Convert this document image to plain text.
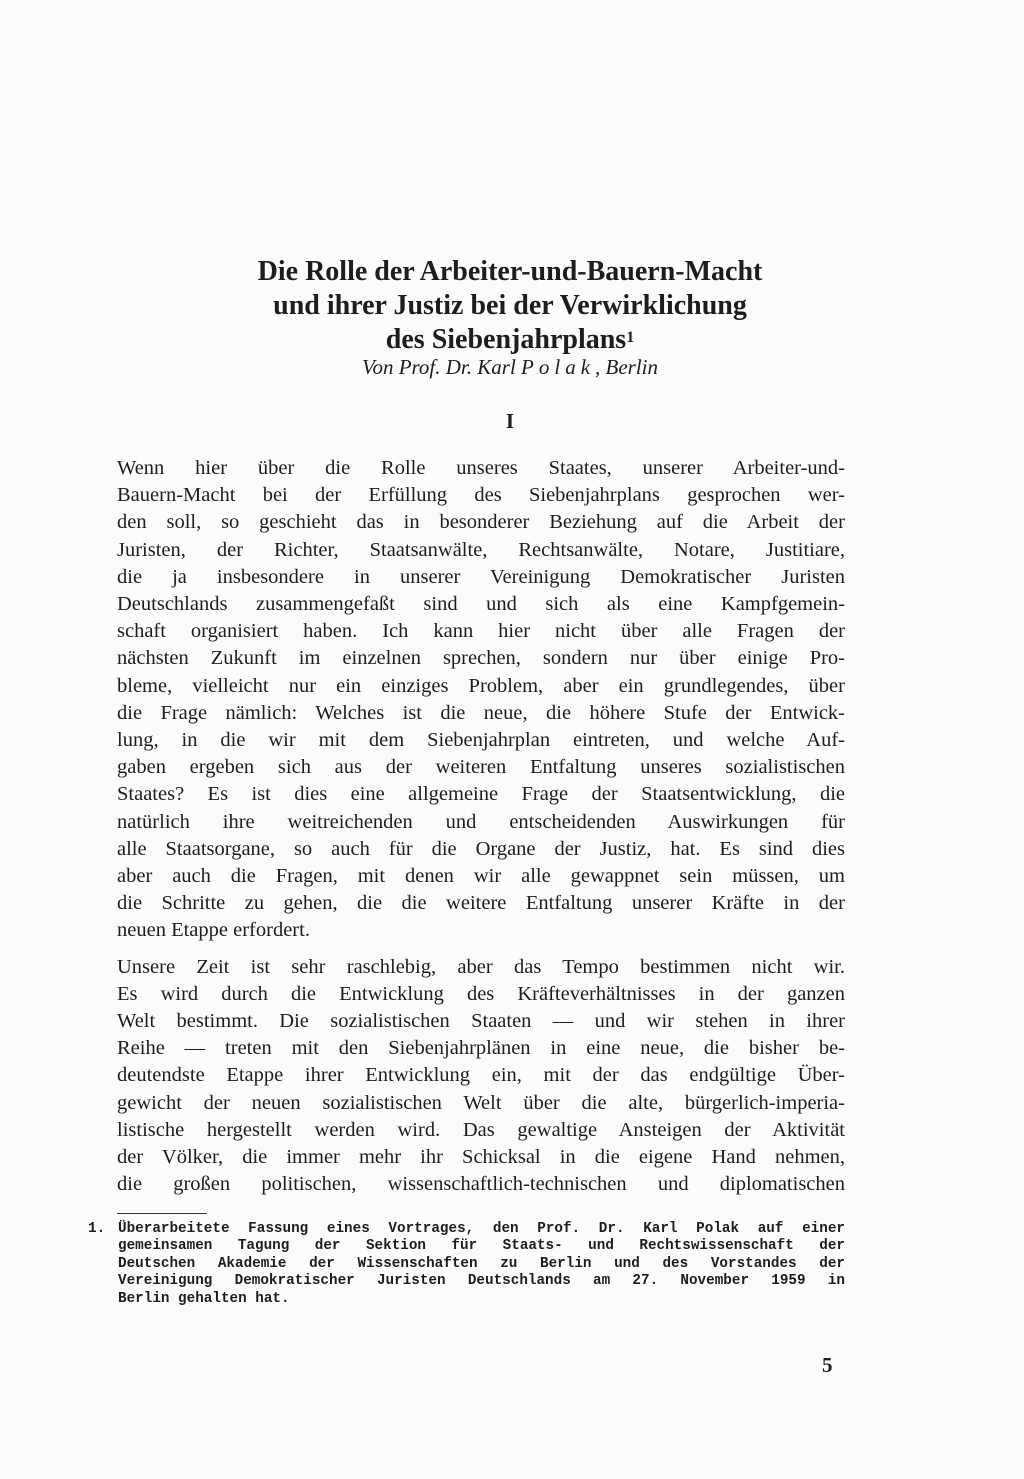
Die Rolle der Arbeiter-und-Bauern-Macht
und ihrer Justiz bei der Verwirklichung
des Siebenjahrplans$^1$

Von Prof. Dr. Karl Polak, Berlin

I

Wenn hier über die Rolle unseres Staates, unserer Arbeiter-und-
Bauern-Macht bei der Erfüllung des Siebenjahrplans gesprochen wer-
den soll, so geschieht das in besonderer Beziehung auf die Arbeit der
Juristen, der Richter, Staatsanwälte, Rechtsanwälte, Notare, Justitiare,
die ja insbesondere in unserer Vereinigung Demokratischer Juristen
Deutschlands zusammengefaßt sind und sich als eine Kampfgemein-
schaft organisiert haben. Ich kann hier nicht über alle Fragen der
nächsten Zukunft im einzelnen sprechen, sondern nur über einige Pro-
bleme, vielleicht nur ein einziges Problem, aber ein grundlegendes, über
die Frage nämlich: Welches ist die neue, die höhere Stufe der Entwick-
lung, in die wir mit dem Siebenjahrplan eintreten, und welche Auf-
gaben ergeben sich aus der weiteren Entfaltung unseres sozialistischen
Staates? Es ist dies eine allgemeine Frage der Staatsentwicklung, die
natürlich ihre weitreichenden und entscheidenden Auswirkungen für
alle Staatsorgane, so auch für die Organe der Justiz, hat. Es sind dies
aber auch die Fragen, mit denen wir alle gewappnet sein müssen, um
die Schritte zu gehen, die die weitere Entfaltung unserer Kräfte in der
neuen Etappe erfordert.
Unsere Zeit ist sehr raschlebig, aber das Tempo bestimmen nicht wir.
Es wird durch die Entwicklung des Kräfteverhältnisses in der ganzen
Welt bestimmt. Die sozialistischen Staaten — und wir stehen in ihrer
Reihe — treten mit den Siebenjahrplänen in eine neue, die bisher be-
deutendste Etappe ihrer Entwicklung ein, mit der das endgültige Über-
gewicht der neuen sozialistischen Welt über die alte, bürgerlich-imperia-
listische hergestellt werden wird. Das gewaltige Ansteigen der Aktivität
der Völker, die immer mehr ihr Schicksal in die eigene Hand nehmen,
die großen politischen, wissenschaftlich-technischen und diplomatischen
1. Überarbeitete Fassung eines Vortrages, den Prof. Dr. Karl Polak auf einer
gemeinsamen Tagung der Sektion für Staats- und Rechtswissenschaft der
Deutschen Akademie der Wissenschaften zu Berlin und des Vorstandes der
Vereinigung Demokratischer Juristen Deutschlands am 27. November 1959 in
Berlin gehalten hat.

5
